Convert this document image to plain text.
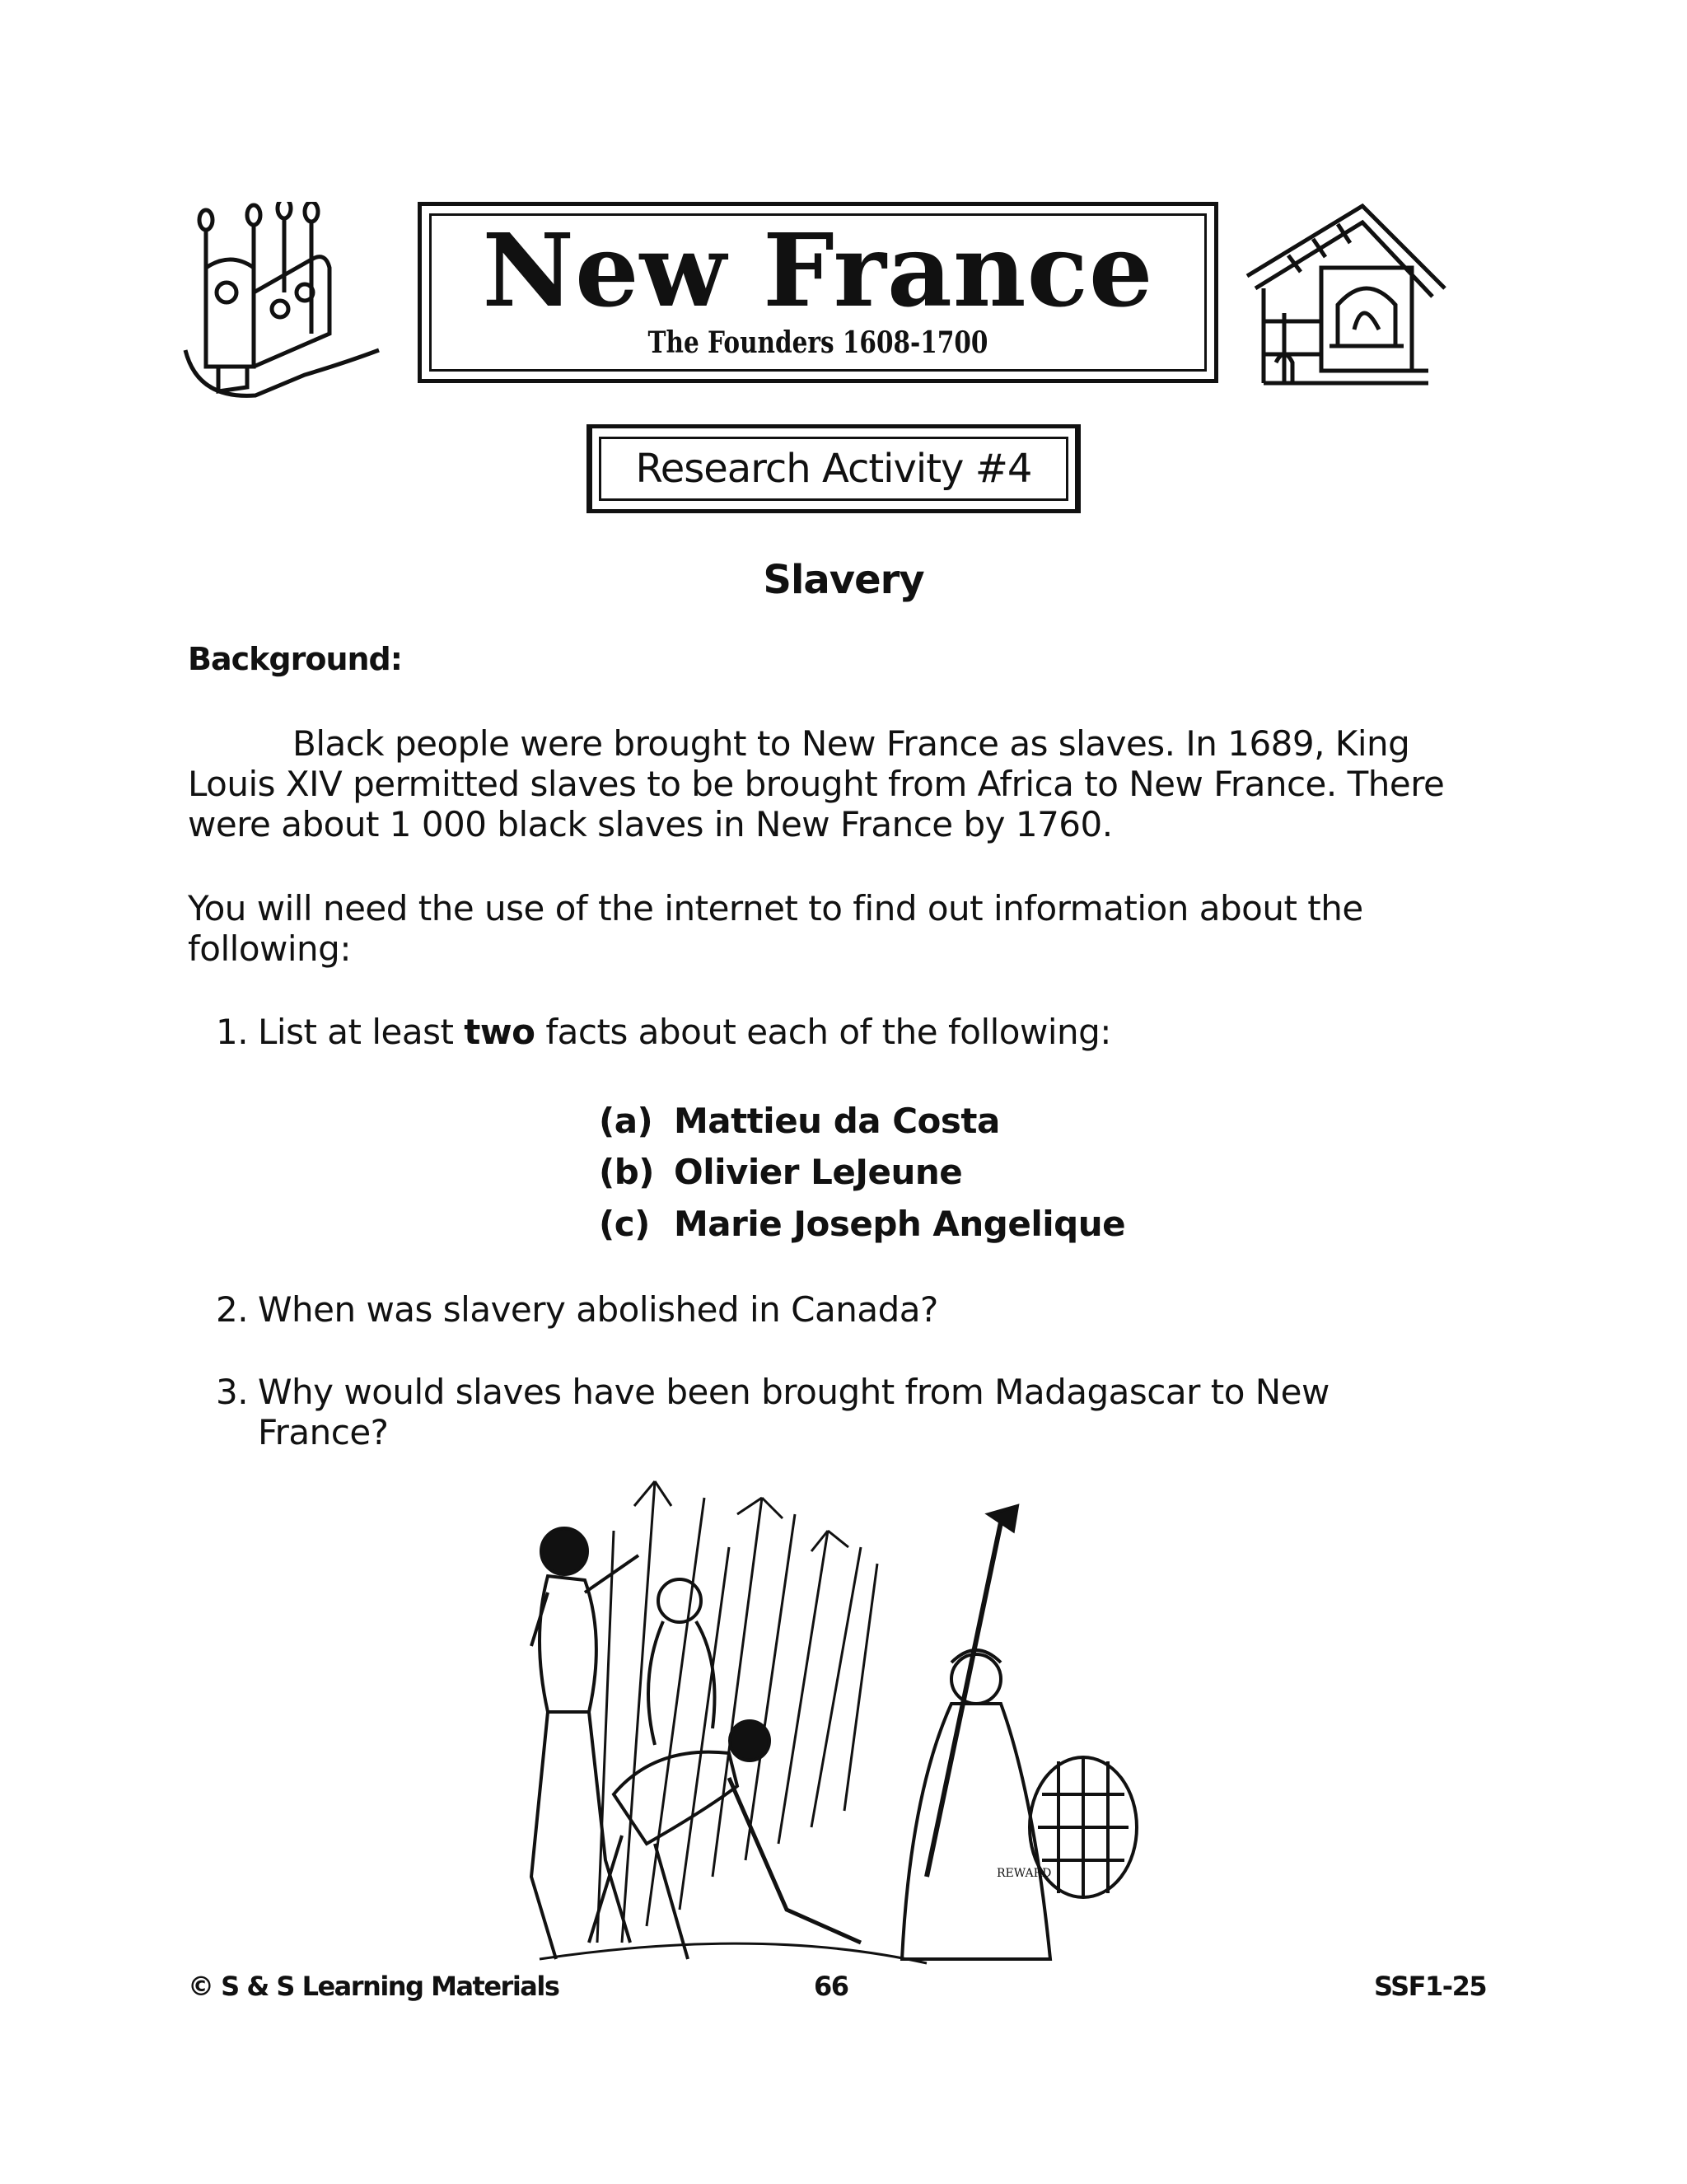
New France
The Founders 1608-1700
Research Activity #4
Slavery
Background:
Black people were brought to New France as slaves. In 1689, King Louis XIV permitted slaves to be brought from Africa to New France. There were about 1 000 black slaves in New France by 1760.
You will need the use of the internet to find out information about the following:
1. List at least two facts about each of the following:
(a) Mattieu da Costa
(b) Olivier LeJeune
(c) Marie Joseph Angelique
2. When was slavery abolished in Canada?
3. Why would slaves have been brought from Madagascar to New France?
REWARD
© S & S Learning Materials	66	SSF1-25
